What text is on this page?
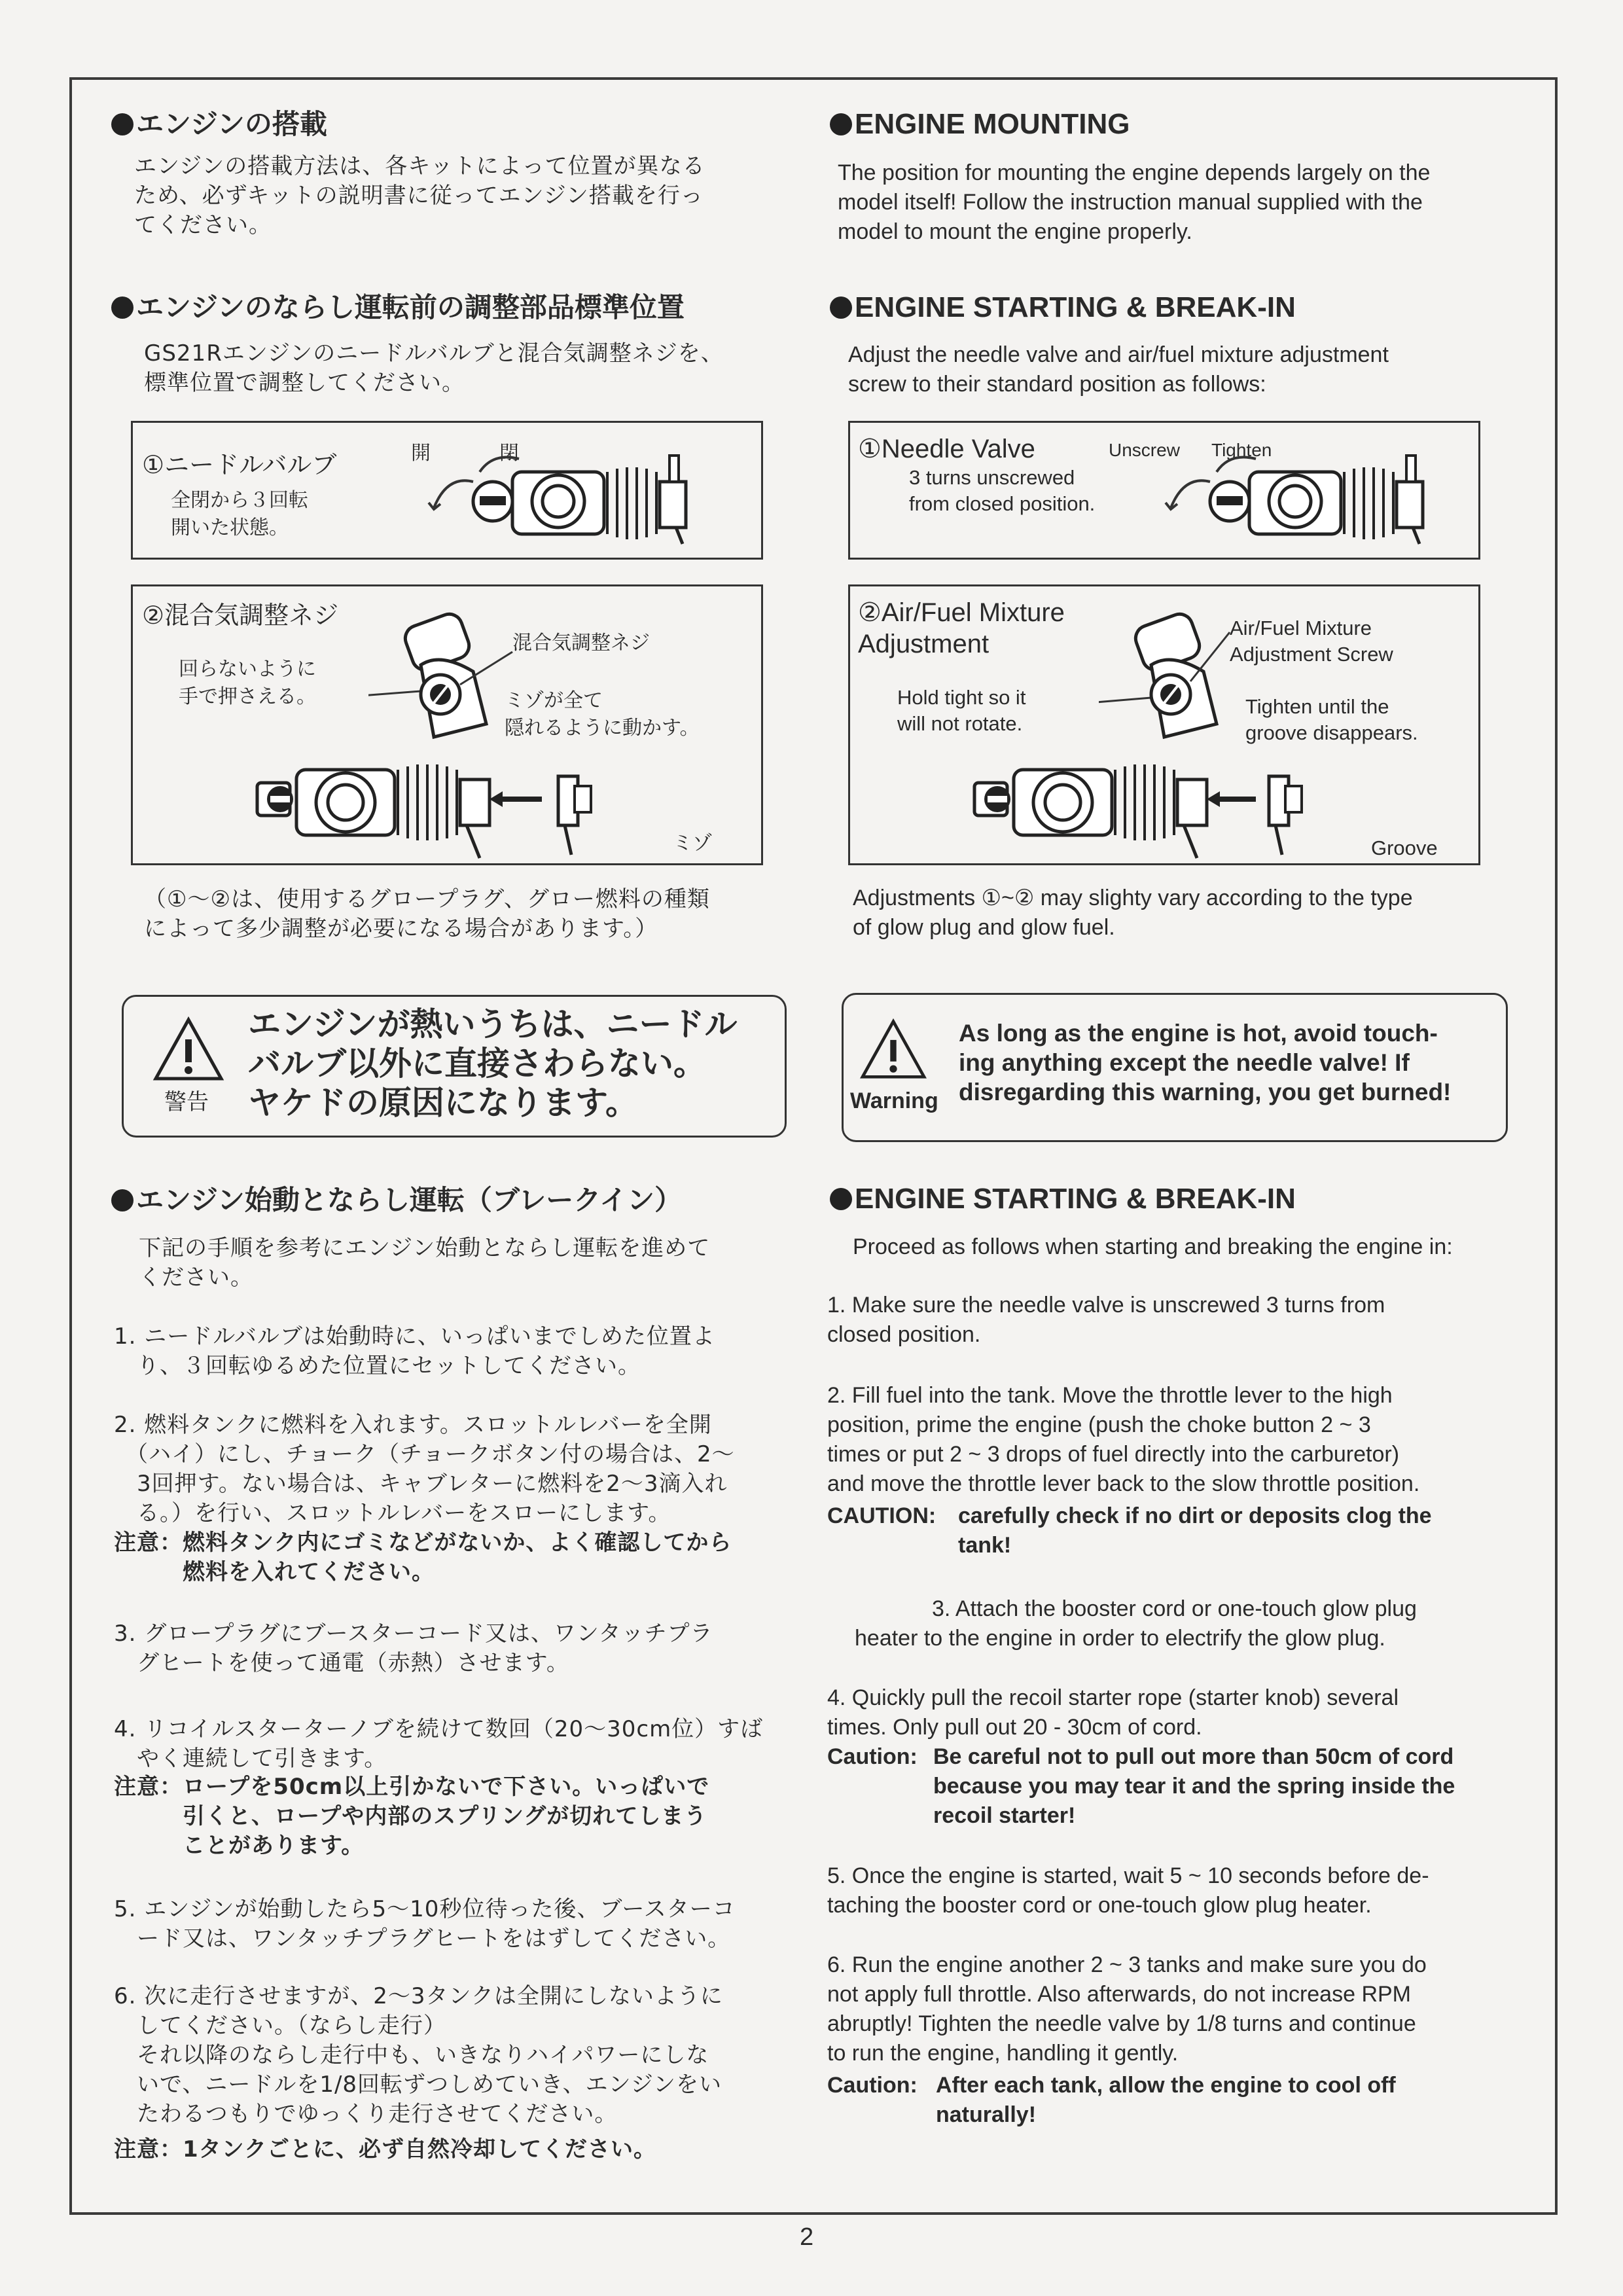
エンジンの搭載
エンジンの搭載方法は、各キットによって位置が異なる
ため、必ずキットの説明書に従ってエンジン搭載を行っ
てください。
エンジンのならし運転前の調整部品標準位置
GS21Rエンジンのニードルバルブと混合気調整ネジを、
標準位置で調整してください。
①ニードルバルブ
全閉から３回転
開いた状態。
開	閉
②混合気調整ネジ
回らないように
手で押さえる。
混合気調整ネジ
ミゾが全て
隠れるように動かす。
ミゾ
（①〜②は、使用するグロープラグ、グロー燃料の種類
によって多少調整が必要になる場合があります。）
警告
エンジンが熱いうちは、ニードル
バルブ以外に直接さわらない。
ヤケドの原因になります。
エンジン始動とならし運転（ブレークイン）
下記の手順を参考にエンジン始動とならし運転を進めて
ください。
1. ニードルバルブは始動時に、いっぱいまでしめた位置よ
　り、３回転ゆるめた位置にセットしてください。
2. 燃料タンクに燃料を入れます。スロットルレバーを全開
　（ハイ）にし、チョーク（チョークボタン付の場合は、2〜
　3回押す。ない場合は、キャブレターに燃料を2〜3滴入れ
　る。）を行い、スロットルレバーをスローにします。
注意：燃料タンク内にゴミなどがないか、よく確認してから
　　　燃料を入れてください。
3. グロープラグにブースターコード又は、ワンタッチプラ
　グヒートを使って通電（赤熱）させます。
4. リコイルスターターノブを続けて数回（20〜30cm位）すば
　やく連続して引きます。
注意：ロープを50cm以上引かないで下さい。いっぱいで
　　　引くと、ロープや内部のスプリングが切れてしまう
　　　ことがあります。
5. エンジンが始動したら5〜10秒位待った後、ブースターコ
　ード又は、ワンタッチプラグヒートをはずしてください。
6. 次に走行させますが、2〜3タンクは全開にしないように
　してください。（ならし走行）
　それ以降のならし走行中も、いきなりハイパワーにしな
　いで、ニードルを1/8回転ずつしめていき、エンジンをい
　たわるつもりでゆっくり走行させてください。
注意：1タンクごとに、必ず自然冷却してください。
ENGINE MOUNTING
The position for mounting the engine depends largely on the
model itself! Follow the instruction manual supplied with the
model to mount the engine properly.
ENGINE STARTING & BREAK-IN
Adjust the needle valve and air/fuel mixture adjustment
screw to their standard position as follows:
①Needle Valve
3 turns unscrewed
from closed position.
Unscrew Tighten
②Air/Fuel Mixture
Adjustment
Hold tight so it
will not rotate.
Air/Fuel Mixture
Adjustment Screw
Tighten until the
groove disappears.
Groove
Adjustments ①~② may slighty vary according to the type
of glow plug and glow fuel.
Warning
As long as the engine is hot, avoid touch-
ing anything except the needle valve! If
disregarding this warning, you get burned!
ENGINE STARTING & BREAK-IN
Proceed as follows when starting and breaking the engine in:
1. Make sure the needle valve is unscrewed 3 turns from
closed position.
2. Fill fuel into the tank. Move the throttle lever to the high
position, prime the engine (push the choke button 2 ~ 3
times or put 2 ~ 3 drops of fuel directly into the carburetor)
and move the throttle lever back to the slow throttle position.
CAUTION: carefully check if no dirt or deposits clog the
tank!
3. Attach the booster cord or one-touch glow plug
heater to the engine in order to electrify the glow plug.
4. Quickly pull the recoil starter rope (starter knob) several
times. Only pull out 20 - 30cm of cord.
Caution: Be careful not to pull out more than 50cm of cord
because you may tear it and the spring inside the
recoil starter!
5. Once the engine is started, wait 5 ~ 10 seconds before de-
taching the booster cord or one-touch glow plug heater.
6. Run the engine another 2 ~ 3 tanks and make sure you do
not apply full throttle. Also afterwards, do not increase RPM
abruptly! Tighten the needle valve by 1/8 turns and continue
to run the engine, handling it gently.
Caution: After each tank, allow the engine to cool off
naturally!
2
